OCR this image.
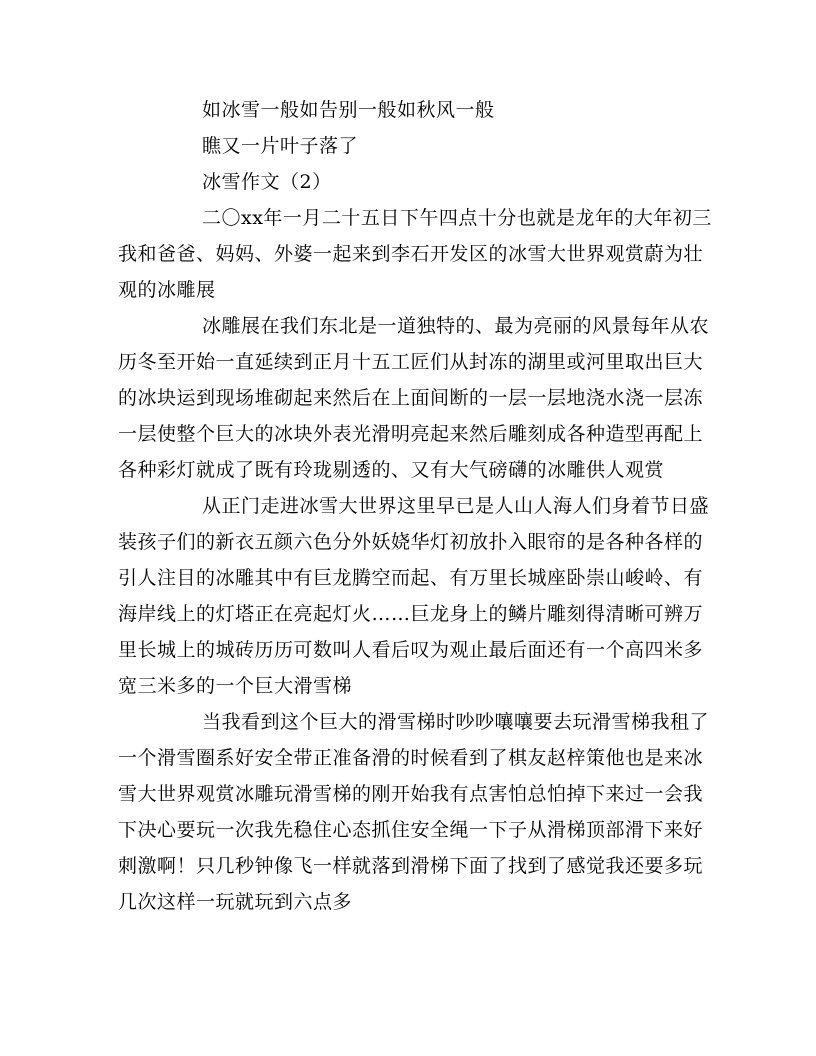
如冰雪一般如告别一般如秋风一般
瞧又一片叶子落了
冰雪作文（2）
二〇xx年一月二十五日下午四点十分也就是龙年的大年初三
我和爸爸、妈妈、外婆一起来到李石开发区的冰雪大世界观赏蔚为壮
观的冰雕展
冰雕展在我们东北是一道独特的、最为亮丽的风景每年从农
历冬至开始一直延续到正月十五工匠们从封冻的湖里或河里取出巨大
的冰块运到现场堆砌起来然后在上面间断的一层一层地浇水浇一层冻
一层使整个巨大的冰块外表光滑明亮起来然后雕刻成各种造型再配上
各种彩灯就成了既有玲珑剔透的、又有大气磅礴的冰雕供人观赏
从正门走进冰雪大世界这里早已是人山人海人们身着节日盛
装孩子们的新衣五颜六色分外妖娆华灯初放扑入眼帘的是各种各样的
引人注目的冰雕其中有巨龙腾空而起、有万里长城座卧崇山峻岭、有
海岸线上的灯塔正在亮起灯火……巨龙身上的鳞片雕刻得清晰可辨万
里长城上的城砖历历可数叫人看后叹为观止最后面还有一个高四米多
宽三米多的一个巨大滑雪梯
当我看到这个巨大的滑雪梯时吵吵嚷嚷要去玩滑雪梯我租了
一个滑雪圈系好安全带正准备滑的时候看到了棋友赵梓策他也是来冰
雪大世界观赏冰雕玩滑雪梯的刚开始我有点害怕总怕掉下来过一会我
下决心要玩一次我先稳住心态抓住安全绳一下子从滑梯顶部滑下来好
刺激啊！只几秒钟像飞一样就落到滑梯下面了找到了感觉我还要多玩
几次这样一玩就玩到六点多
